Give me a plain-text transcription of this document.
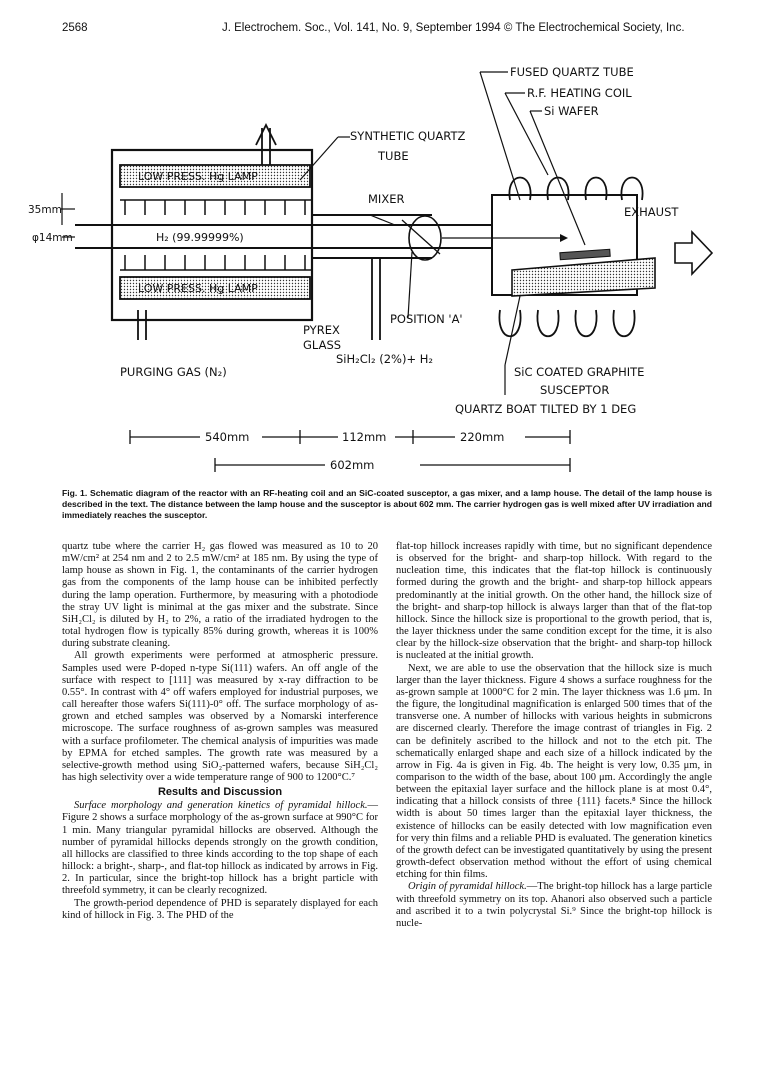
2568	J. Electrochem. Soc., Vol. 141, No. 9, September 1994 © The Electrochemical Society, Inc.
FUSED QUARTZ TUBE
R.F. HEATING COIL
Si WAFER
SYNTHETIC QUARTZ
TUBE
LOW PRESS. Hg LAMP
LOW PRESS. Hg LAMP
MIXER
EXHAUST
35mm
φ14mm	H₂ (99.99999%)
POSITION 'A'
PYREX
GLASS
SiH₂Cl₂ (2%)+ H₂
PURGING GAS (N₂)	SiC COATED GRAPHITE
SUSCEPTOR
QUARTZ BOAT TILTED BY 1 DEG
540mm	112mm	220mm
602mm
Fig. 1. Schematic diagram of the reactor with an RF-heating coil and an SiC-coated susceptor, a gas mixer, and a lamp house. The detail of the lamp house is described in the text. The distance between the lamp house and the susceptor is about 602 mm. The carrier hydrogen gas is well mixed after UV irradiation and immediately reaches the susceptor.

quartz tube where the carrier H₂ gas flowed was measured as 10 to 20 mW/cm² at 254 nm and 2 to 2.5 mW/cm² at 185 nm. By using the type of lamp house as shown in Fig. 1, the contaminants of the carrier hydrogen gas from the components of the lamp house can be inhibited perfectly during the lamp operation. Furthermore, by measuring with a photodiode the stray UV light is minimal at the gas mixer and the substrate. Since SiH₂Cl₂ is diluted by H₂ to 2%, a ratio of the irradiated hydrogen to the total hydrogen flow is typically 85% during growth, whereas it is 100% during substrate cleaning.

All growth experiments were performed at atmospheric pressure. Samples used were P-doped n-type Si(111) wafers. An off angle of the surface with respect to [111] was measured by x-ray diffraction to be 0.55°. In contrast with 4° off wafers employed for industrial purposes, we call hereafter those wafers Si(111)-0° off. The surface morphology of as-grown and etched samples was observed by a Nomarski interference microscope. The surface roughness of as-grown samples was measured with a surface profilometer. The chemical analysis of impurities was made by EPMA for etched samples. The growth rate was measured by a selective-growth method using SiO₂-patterned wafers, because SiH₂Cl₂ has high selectivity over a wide temperature range of 900 to 1200°C.⁷

Results and Discussion

Surface morphology and generation kinetics of pyramidal hillock.—Figure 2 shows a surface morphology of the as-grown surface at 990°C for 1 min. Many triangular pyramidal hillocks are observed. Although the number of pyramidal hillocks depends strongly on the growth condition, all hillocks are classified to three kinds according to the top shape of each hillock: a bright-, sharp-, and flat-top hillock as indicated by arrows in Fig. 2. In particular, since the bright-top hillock has a bright particle with threefold symmetry, it can be clearly recognized.

The growth-period dependence of PHD is separately displayed for each kind of hillock in Fig. 3. The PHD of the

flat-top hillock increases rapidly with time, but no significant dependence is observed for the bright- and sharp-top hillock. With regard to the nucleation time, this indicates that the flat-top hillock is continuously formed during the growth and the bright- and sharp-top hillock appears predominantly at the initial growth. On the other hand, the hillock size of the bright- and sharp-top hillock is always larger than that of the flat-top hillock. Since the hillock size is proportional to the growth period, that is, the layer thickness under the same condition except for the time, it is also clear by the hillock-size observation that the bright- and sharp-top hillock is nucleated at the initial growth.

Next, we are able to use the observation that the hillock size is much larger than the layer thickness. Figure 4 shows a surface roughness for the as-grown sample at 1000°C for 2 min. The layer thickness was 1.6 μm. In the figure, the longitudinal magnification is enlarged 500 times that of the transverse one. A number of hillocks with various heights in submicrons are discerned clearly. Therefore the image contrast of triangles in Fig. 2 can be definitely ascribed to the hillock and not to the etch pit. The schematically enlarged shape and each size of a hillock indicated by the arrow in Fig. 4a is given in Fig. 4b. The height is very low, 0.35 μm, in comparison to the width of the base, about 100 μm. Accordingly the angle between the epitaxial layer surface and the hillock plane is at most 0.4°, indicating that a hillock consists of three {111} facets.⁸ Since the hillock width is about 50 times larger than the epitaxial layer thickness, the existence of hillocks can be easily detected with low magnification even for very thin films and a reliable PHD is evaluated. The generation kinetics of the growth defect can be investigated quantitatively by using the present growth-defect observation method without the effort of using chemical etching for thin films.

Origin of pyramidal hillock.—The bright-top hillock has a large particle with threefold symmetry on its top. Ahanori also observed such a particle and ascribed it to a twin polycrystal Si.⁹ Since the bright-top hillock is nucle-
